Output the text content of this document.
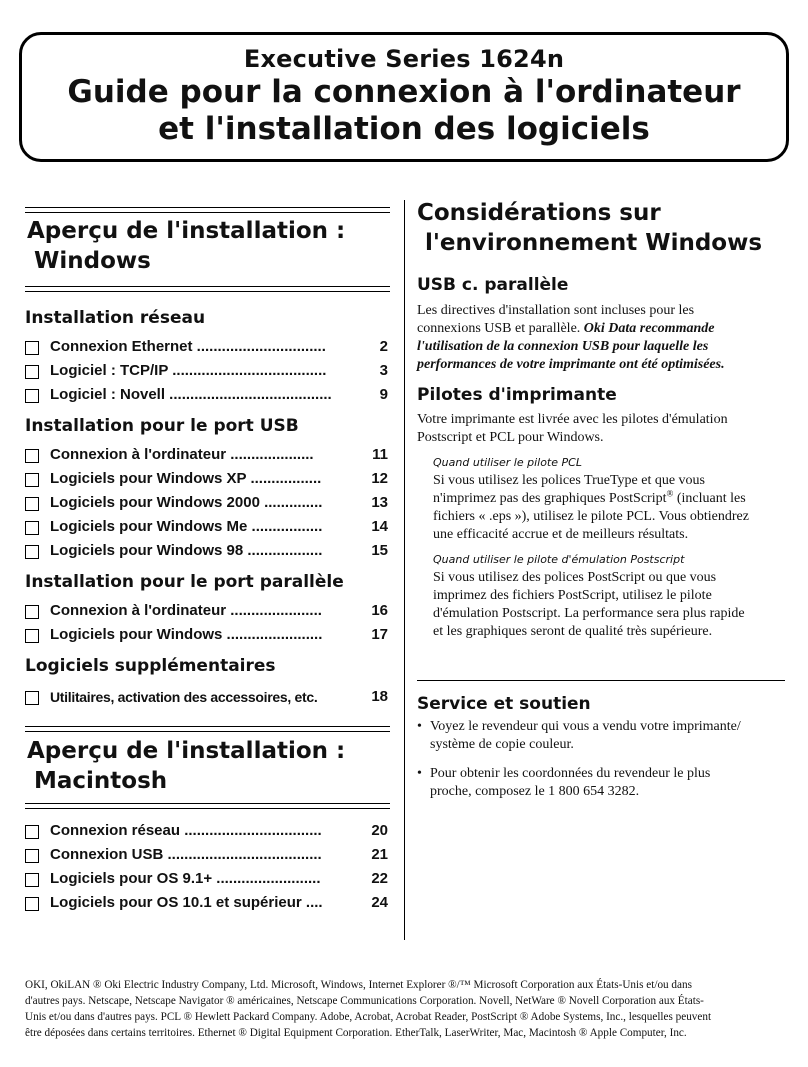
Executive Series 1624n
Guide pour la connexion à l'ordinateur
et l'installation des logiciels
Aperçu de l'installation :
Windows
Installation réseau
Connexion Ethernet ...............................	2
Logiciel : TCP/IP .....................................	3
Logiciel : Novell .......................................	9
Installation pour le port USB
Connexion à l'ordinateur ....................	11
Logiciels pour Windows XP .................	12
Logiciels pour Windows 2000 ..............	13
Logiciels pour Windows Me .................	14
Logiciels pour Windows 98 ..................	15
Installation pour le port parallèle
Connexion à l'ordinateur ......................	16
Logiciels pour Windows .......................	17
Logiciels supplémentaires
Utilitaires, activation des accessoires, etc.	18
Aperçu de l'installation :
Macintosh
Connexion réseau .................................	20
Connexion USB .....................................	21
Logiciels pour OS 9.1+ .........................	22
Logiciels pour OS 10.1 et supérieur ....	24
Considérations sur
l'environnement Windows
USB c. parallèle
Les directives d'installation sont incluses pour les
connexions USB et parallèle. Oki Data recommande
l'utilisation de la connexion USB pour laquelle les
performances de votre imprimante ont été optimisées.
Pilotes d'imprimante
Votre imprimante est livrée avec les pilotes d'émulation
Postscript et PCL pour Windows.
Quand utiliser le pilote PCL
Si vous utilisez les polices TrueType et que vous
n'imprimez pas des graphiques PostScript® (incluant les
fichiers « .eps »), utilisez le pilote PCL. Vous obtiendrez
une efficacité accrue et de meilleurs résultats.
Quand utiliser le pilote d'émulation Postscript
Si vous utilisez des polices PostScript ou que vous
imprimez des fichiers PostScript, utilisez le pilote
d'émulation Postscript. La performance sera plus rapide
et les graphiques seront de qualité très supérieure.
Service et soutien
• Voyez le revendeur qui vous a vendu votre imprimante/
système de copie couleur.
• Pour obtenir les coordonnées du revendeur le plus
proche, composez le 1 800 654 3282.
OKI, OkiLAN ® Oki Electric Industry Company, Ltd. Microsoft, Windows, Internet Explorer ®/™ Microsoft Corporation aux États-Unis et/ou dans
d'autres pays. Netscape, Netscape Navigator ® américaines, Netscape Communications Corporation. Novell, NetWare ® Novell Corporation aux États-
Unis et/ou dans d'autres pays. PCL ® Hewlett Packard Company. Adobe, Acrobat, Acrobat Reader, PostScript ® Adobe Systems, Inc., lesquelles peuvent
être déposées dans certains territoires. Ethernet ® Digital Equipment Corporation. EtherTalk, LaserWriter, Mac, Macintosh ® Apple Computer, Inc.
